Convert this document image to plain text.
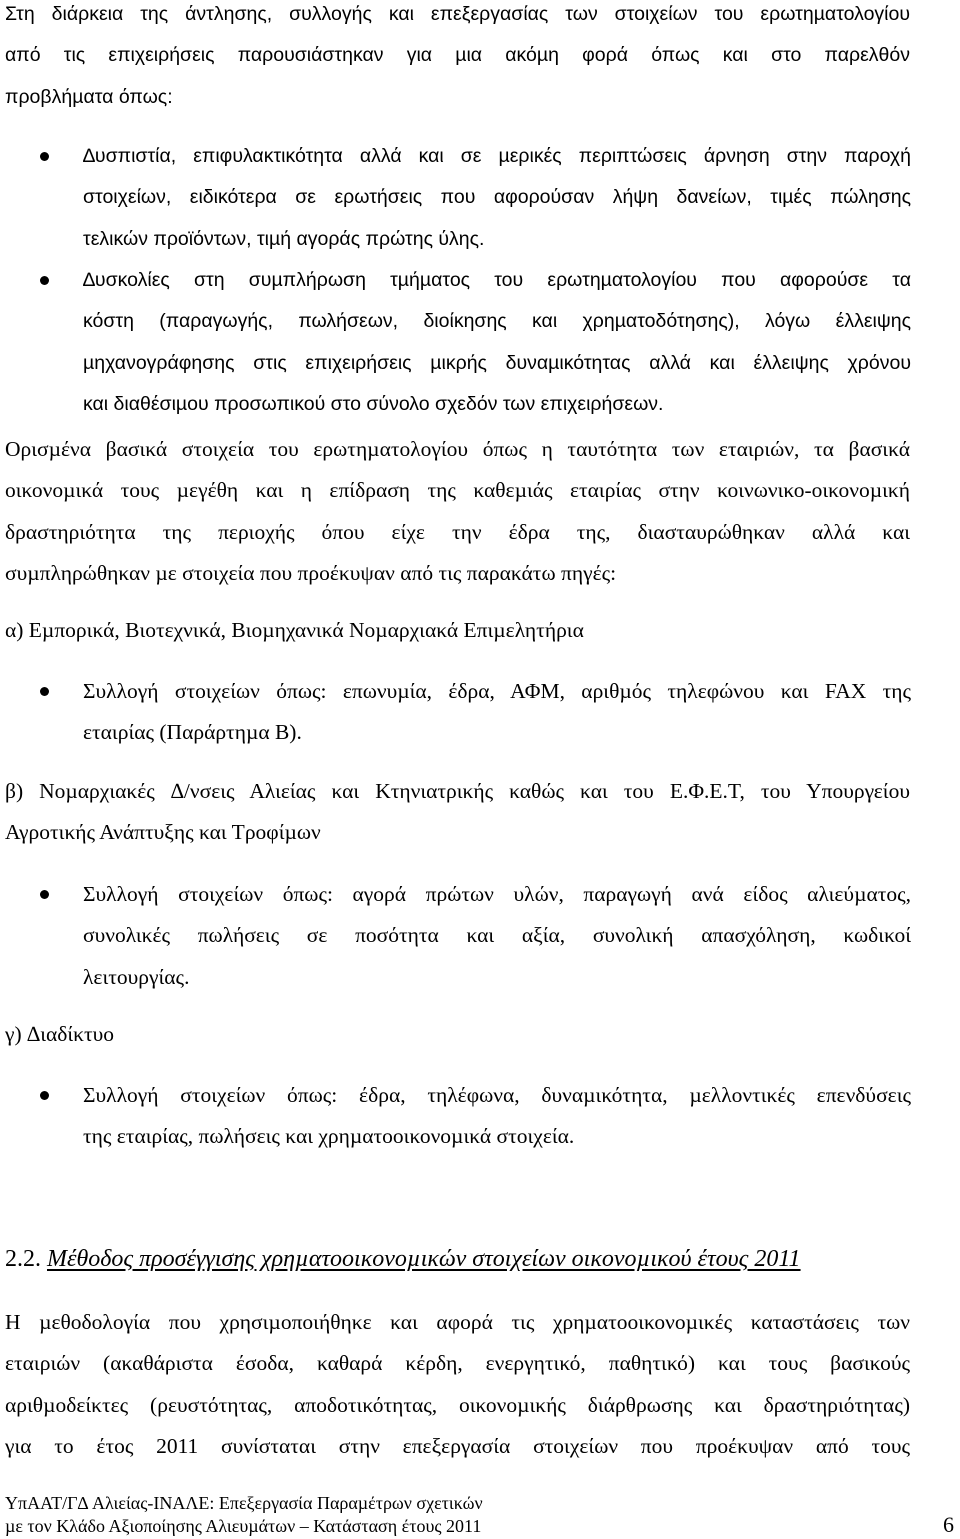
Στη διάρκεια της άντλησης, συλλογής και επεξεργασίας των στοιχείων του ερωτηµατολογίου
από τις επιχειρήσεις παρουσιάστηκαν για µια ακόµη φορά όπως και στο παρελθόν
προβλήµατα όπως:
∆υσπιστία, επιφυλακτικότητα αλλά και σε µερικές περιπτώσεις άρνηση στην παροχή
στοιχείων, ειδικότερα σε ερωτήσεις που αφορούσαν λήψη δανείων, τιµές πώλησης
τελικών προϊόντων, τιµή αγοράς πρώτης ύλης.
∆υσκολίες στη συµπλήρωση τµήµατος του ερωτηµατολογίου που αφορούσε τα
κόστη (παραγωγής, πωλήσεων, διοίκησης και χρηµατοδότησης), λόγω έλλειψης
µηχανογράφησης στις επιχειρήσεις µικρής δυναµικότητας αλλά και έλλειψης χρόνου
και διαθέσιµου προσωπικού στο σύνολο σχεδόν των επιχειρήσεων.
Ορισµένα βασικά στοιχεία του ερωτηµατολογίου όπως η ταυτότητα των εταιριών, τα βασικά
οικονοµικά τους µεγέθη και η επίδραση της καθεµιάς εταιρίας στην κοινωνικο-οικονοµική
δραστηριότητα της περιοχής όπου είχε την έδρα της, διασταυρώθηκαν αλλά και
συµπληρώθηκαν µε στοιχεία που προέκυψαν από τις παρακάτω πηγές:
α) Εµπορικά, Βιοτεχνικά, Βιοµηχανικά Νοµαρχιακά Επιµελητήρια
Συλλογή στοιχείων όπως: επωνυµία, έδρα, ΑΦΜ, αριθµός τηλεφώνου και FAX της
εταιρίας (Παράρτηµα Β).
β) Νοµαρχιακές ∆/νσεις Αλιείας και Κτηνιατρικής καθώς και του Ε.Φ.Ε.Τ, του Υπουργείου
Αγροτικής Ανάπτυξης και Τροφίµων
Συλλογή στοιχείων όπως: αγορά πρώτων υλών, παραγωγή ανά είδος αλιεύµατος,
συνολικές πωλήσεις σε ποσότητα και αξία, συνολική απασχόληση, κωδικοί
λειτουργίας.
γ) ∆ιαδίκτυο
Συλλογή στοιχείων όπως: έδρα, τηλέφωνα, δυναµικότητα, µελλοντικές επενδύσεις
της εταιρίας, πωλήσεις και χρηµατοοικονοµικά στοιχεία.
2.2. Μέθοδος προσέγγισης χρηµατοοικονοµικών στοιχείων οικονοµικού έτους 2011
Η µεθοδολογία που χρησιµοποιήθηκε και αφορά τις χρηµατοοικονοµικές καταστάσεις των
εταιριών (ακαθάριστα έσοδα, καθαρά κέρδη, ενεργητικό, παθητικό) και τους βασικούς
αριθµοδείκτες (ρευστότητας, αποδοτικότητας, οικονοµικής διάρθρωσης και δραστηριότητας)
για το έτος 2011 συνίσταται στην επεξεργασία στοιχείων που προέκυψαν από τους
ΥπΑΑΤ/Γ∆ Αλιείας-ΙΝΑΛΕ: Επεξεργασία Παραµέτρων σχετικών
µε τον Κλάδο Αξιοποίησης Αλιευµάτων – Κατάσταση έτους 2011	6
